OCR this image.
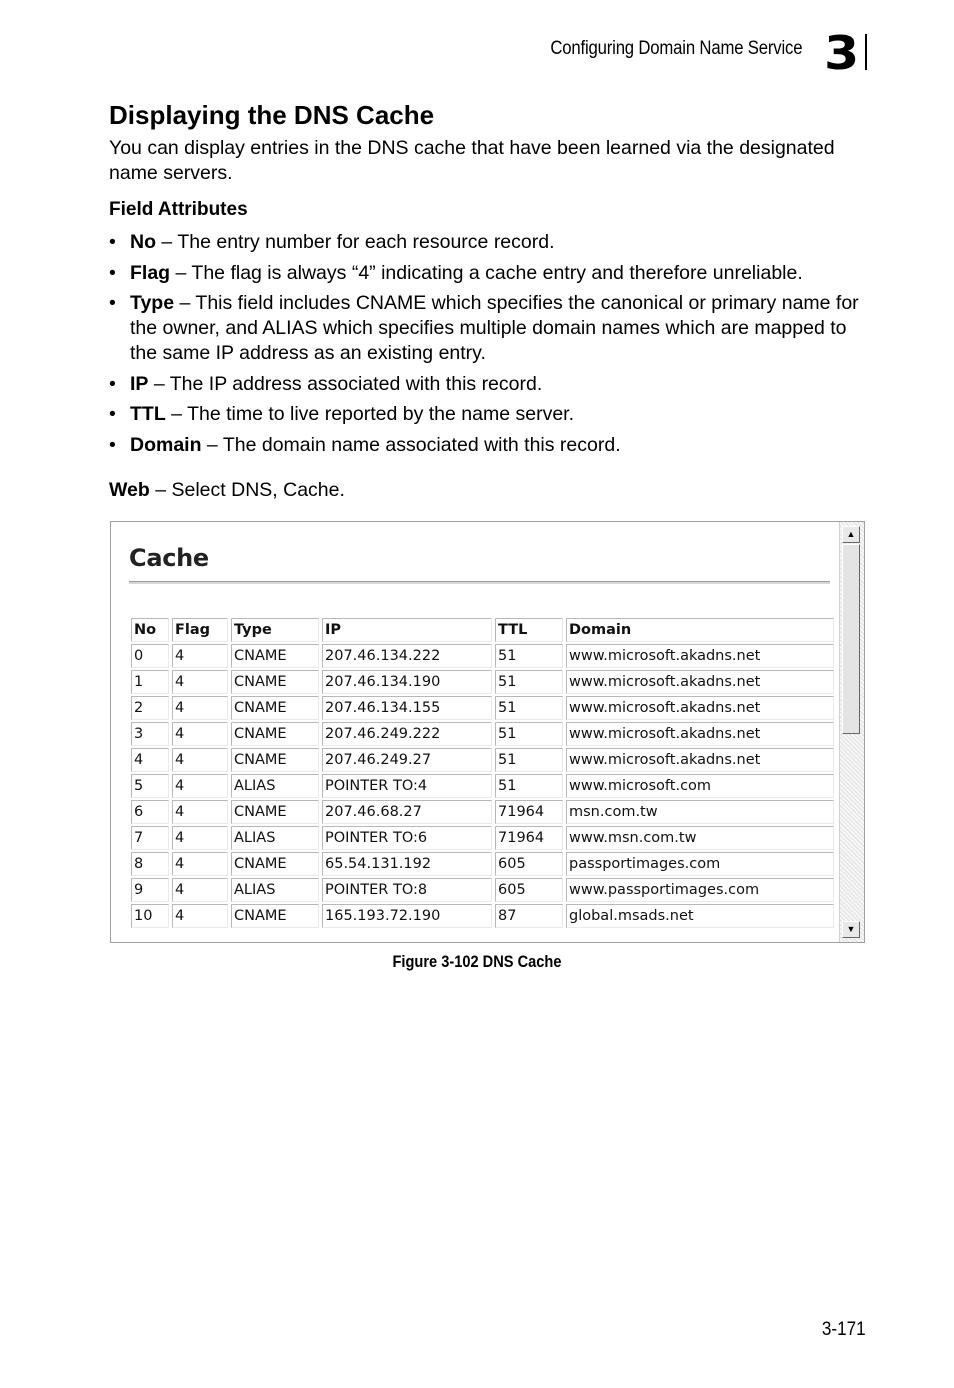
Configuring Domain Name Service 3
Displaying the DNS Cache

You can display entries in the DNS cache that have been learned via the designated name servers.

Field Attributes

• No – The entry number for each resource record.
• Flag – The flag is always “4” indicating a cache entry and therefore unreliable.
• Type – This field includes CNAME which specifies the canonical or primary name for the owner, and ALIAS which specifies multiple domain names which are mapped to the same IP address as an existing entry.
• IP – The IP address associated with this record.
• TTL – The time to live reported by the name server.
• Domain – The domain name associated with this record.

Web – Select DNS, Cache.

Cache
No	Flag	Type	IP	TTL	Domain
0	4	CNAME	207.46.134.222	51	www.microsoft.akadns.net
1	4	CNAME	207.46.134.190	51	www.microsoft.akadns.net
2	4	CNAME	207.46.134.155	51	www.microsoft.akadns.net
3	4	CNAME	207.46.249.222	51	www.microsoft.akadns.net
4	4	CNAME	207.46.249.27	51	www.microsoft.akadns.net
5	4	ALIAS	POINTER TO:4	51	www.microsoft.com
6	4	CNAME	207.46.68.27	71964	msn.com.tw
7	4	ALIAS	POINTER TO:6	71964	www.msn.com.tw
8	4	CNAME	65.54.131.192	605	passportimages.com
9	4	ALIAS	POINTER TO:8	605	www.passportimages.com
10	4	CNAME	165.193.72.190	87	global.msads.net
▲
▼
Figure 3-102 DNS Cache
3-171
